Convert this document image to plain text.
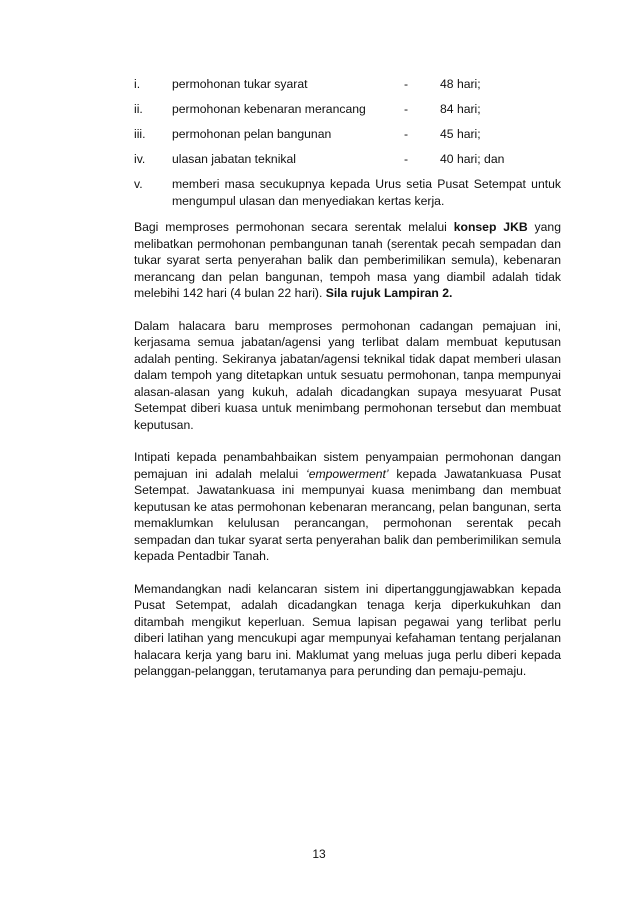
i.	permohonan tukar syarat	-	48 hari;
ii.	permohonan kebenaran merancang	-	84 hari;
iii.	permohonan pelan bangunan	-	45 hari;
iv.	ulasan jabatan teknikal	-	40 hari; dan
v.	memberi masa secukupnya kepada Urus setia Pusat Setempat untuk mengumpul ulasan dan menyediakan kertas kerja.

Bagi memproses permohonan secara serentak melalui konsep JKB yang melibatkan permohonan pembangunan tanah (serentak pecah sempadan dan tukar syarat serta penyerahan balik dan pemberimilikan semula), kebenaran merancang dan pelan bangunan, tempoh masa yang diambil adalah tidak melebihi 142 hari (4 bulan 22 hari). Sila rujuk Lampiran 2.

Dalam halacara baru memproses permohonan cadangan pemajuan ini, kerjasama semua jabatan/agensi yang terlibat dalam membuat keputusan adalah penting. Sekiranya jabatan/agensi teknikal tidak dapat memberi ulasan dalam tempoh yang ditetapkan untuk sesuatu permohonan, tanpa mempunyai alasan-alasan yang kukuh, adalah dicadangkan supaya mesyuarat Pusat Setempat diberi kuasa untuk menimbang permohonan tersebut dan membuat keputusan.

Intipati kepada penambahbaikan sistem penyampaian permohonan dangan pemajuan ini adalah melalui ‘empowerment’ kepada Jawatankuasa Pusat Setempat. Jawatankuasa ini mempunyai kuasa menimbang dan membuat keputusan ke atas permohonan kebenaran merancang, pelan bangunan, serta memaklumkan kelulusan perancangan, permohonan serentak pecah sempadan dan tukar syarat serta penyerahan balik dan pemberimilikan semula kepada Pentadbir Tanah.

Memandangkan nadi kelancaran sistem ini dipertanggungjawabkan kepada Pusat Setempat, adalah dicadangkan tenaga kerja diperkukuhkan dan ditambah mengikut keperluan. Semua lapisan pegawai yang terlibat perlu diberi latihan yang mencukupi agar mempunyai kefahaman tentang perjalanan halacara kerja yang baru ini. Maklumat yang meluas juga perlu diberi kepada pelanggan-pelanggan, terutamanya para perunding dan pemaju-pemaju.

13
